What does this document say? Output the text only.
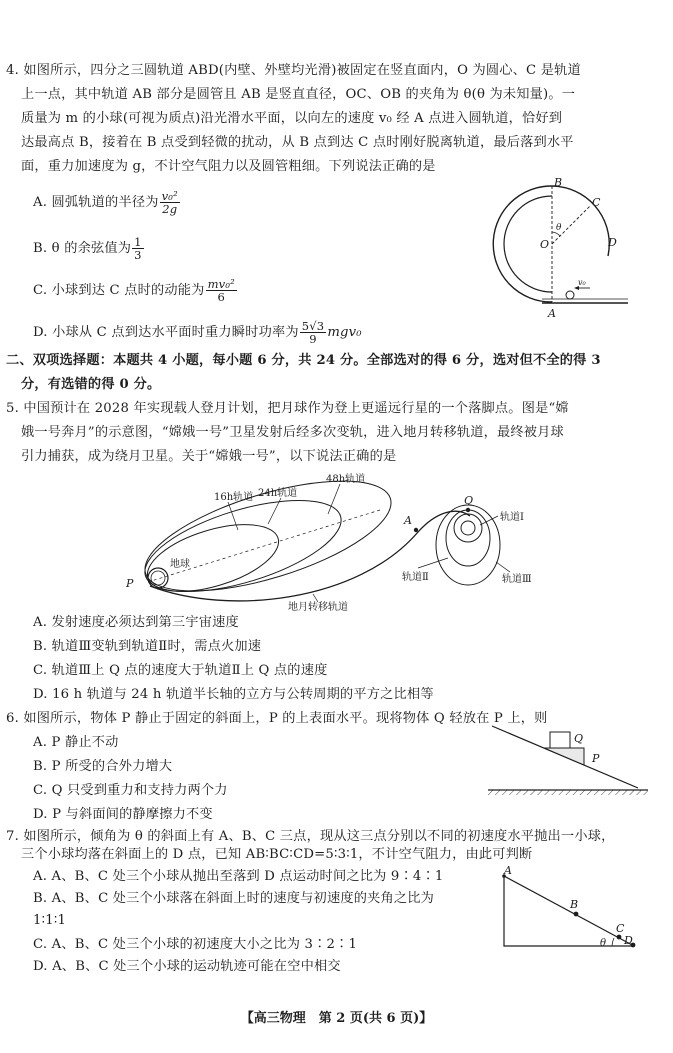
4. 如图所示，四分之三圆轨道 ABD(内壁、外壁均光滑)被固定在竖直面内，O 为圆心、C 是轨道
上一点，其中轨道 AB 部分是圆管且 AB 是竖直直径，OC、OB 的夹角为 θ(θ 为未知量)。一
质量为 m 的小球(可视为质点)沿光滑水平面，以向左的速度 v₀ 经 A 点进入圆轨道，恰好到
达最高点 B，接着在 B 点受到轻微的扰动，从 B 点到达 C 点时刚好脱离轨道，最后落到水平
面，重力加速度为 g，不计空气阻力以及圆管粗细。下列说法正确的是
A. 圆弧轨道的半径为 $\frac{\text{v₀²}}{2g}$
B. θ 的余弦值为 $\frac{1}{3}$
C. 小球到达 C 点时的动能为 $\frac{\text{mv₀²}}{6}$
D. 小球从 C 点到达水平面时重力瞬时功率为 $\frac{5√3}{9} mgv_0$
B
C
θ
O	D
v₀
A
二、双项选择题：本题共 4 小题，每小题 6 分，共 24 分。全部选对的得 6 分，选对但不全的得 3
分，有选错的得 0 分。
5. 中国预计在 2028 年实现载人登月计划，把月球作为登上更遥远行星的一个落脚点。图是“嫦
娥一号奔月”的示意图，“嫦娥一号”卫星发射后经多次变轨，进入地月转移轨道，最终被月球
引力捕获，成为绕月卫星。关于“嫦娥一号”，以下说法正确的是
24h轨道
48h轨道
16h轨道
地球
P
A
Q
轨道Ⅰ
轨道Ⅱ	轨道Ⅲ
地月转移轨道
A. 发射速度必须达到第三宇宙速度
B. 轨道Ⅲ变轨到轨道Ⅱ时，需点火加速
C. 轨道Ⅲ上 Q 点的速度大于轨道Ⅱ上 Q 点的速度
D. 16 h 轨道与 24 h 轨道半长轴的立方与公转周期的平方之比相等
6. 如图所示，物体 P 静止于固定的斜面上，P 的上表面水平。现将物体 Q 轻放在 P 上，则
A. P 静止不动
B. P 所受的合外力增大
C. Q 只受到重力和支持力两个力
D. P 与斜面间的静摩擦力不变
Q
P
7. 如图所示，倾角为 θ 的斜面上有 A、B、C 三点，现从这三点分别以不同的初速度水平抛出一小球，
三个小球均落在斜面上的 D 点，已知 AB∶BC∶CD=5∶3∶1，不计空气阻力，由此可判断
A. A、B、C 处三个小球从抛出至落到 D 点运动时间之比为 9∶4∶1
B. A、B、C 处三个小球落在斜面上时的速度与初速度的夹角之比为
1∶1∶1
C. A、B、C 处三个小球的初速度大小之比为 3∶2∶1
D. A、B、C 处三个小球的运动轨迹可能在空中相交
A
B
C
θ D
【高三物理　第 2 页(共 6 页)】
